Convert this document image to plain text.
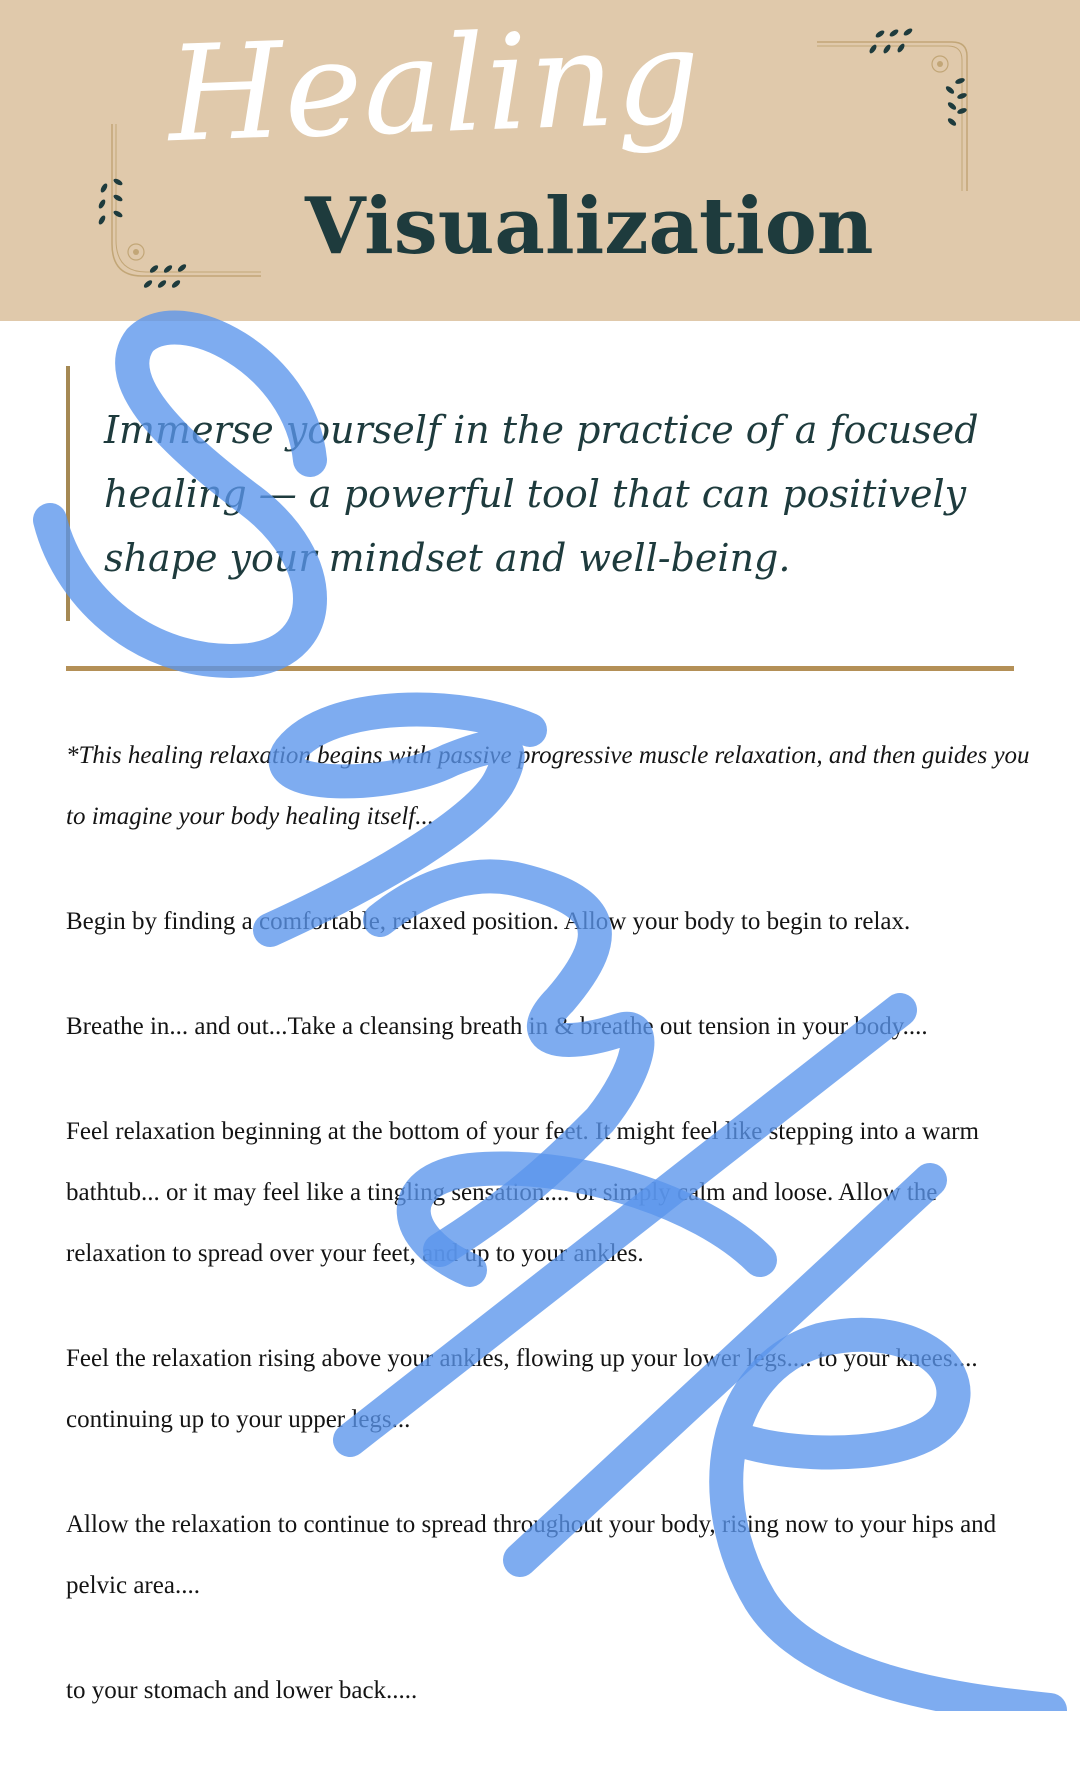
Healing
Visualization

Immerse yourself in the practice of a focused healing — a powerful tool that can positively shape your mindset and well-being.

*This healing relaxation begins with passive progressive muscle relaxation, and then guides you to imagine your body healing itself...

Begin by finding a comfortable, relaxed position. Allow your body to begin to relax.

Breathe in... and out...Take a cleansing breath in & breathe out tension in your body....

Feel relaxation beginning at the bottom of your feet. It might feel like stepping into a warm bathtub... or it may feel like a tingling sensation.... or simply calm and loose. Allow the relaxation to spread over your feet, and up to your ankles.

Feel the relaxation rising above your ankles, flowing up your lower legs.... to your knees.... continuing up to your upper legs...

Allow the relaxation to continue to spread throughout your body, rising now to your hips and pelvic area....

to your stomach and lower back.....
